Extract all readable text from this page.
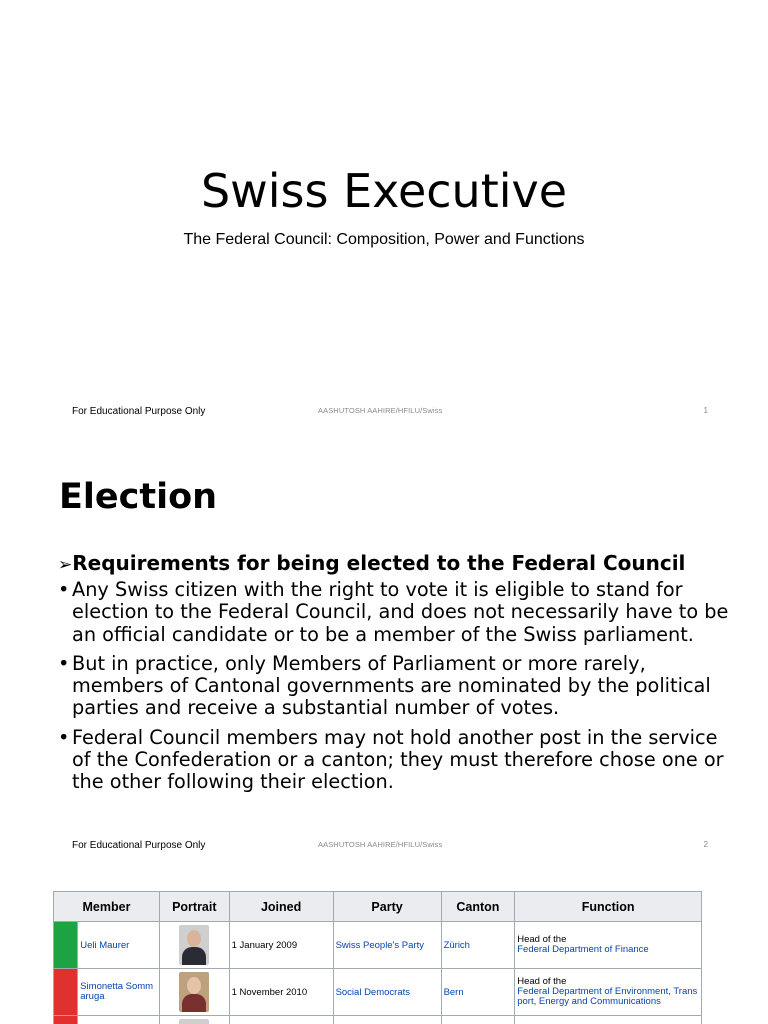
Swiss Executive
The Federal Council: Composition, Power and Functions
For Educational Purpose Only	AASHUTOSH AAHIRE/HFILU/Swiss	1
Election
➢Requirements for being elected to the Federal Council
• Any Swiss citizen with the right to vote it is eligible to stand for election to the Federal Council, and does not necessarily have to be an official candidate or to be a member of the Swiss parliament.
• But in practice, only Members of Parliament or more rarely, members of Cantonal governments are nominated by the political parties and receive a substantial number of votes.
• Federal Council members may not hold another post in the service of the Confederation or a canton; they must therefore chose one or the other following their election.
For Educational Purpose Only	AASHUTOSH AAHIRE/HFILU/Swiss	2
Member		Portrait	Joined	Party	Canton	Function
	Ueli Maurer		1 January 2009	Swiss People's Party	Zürich	Head of the
Federal Department of Finance

	Simonetta Sommaruga		1 November 2010	Social Democrats	Bern	Head of the
Federal Department of Environment, Transport, Energy and Communications
